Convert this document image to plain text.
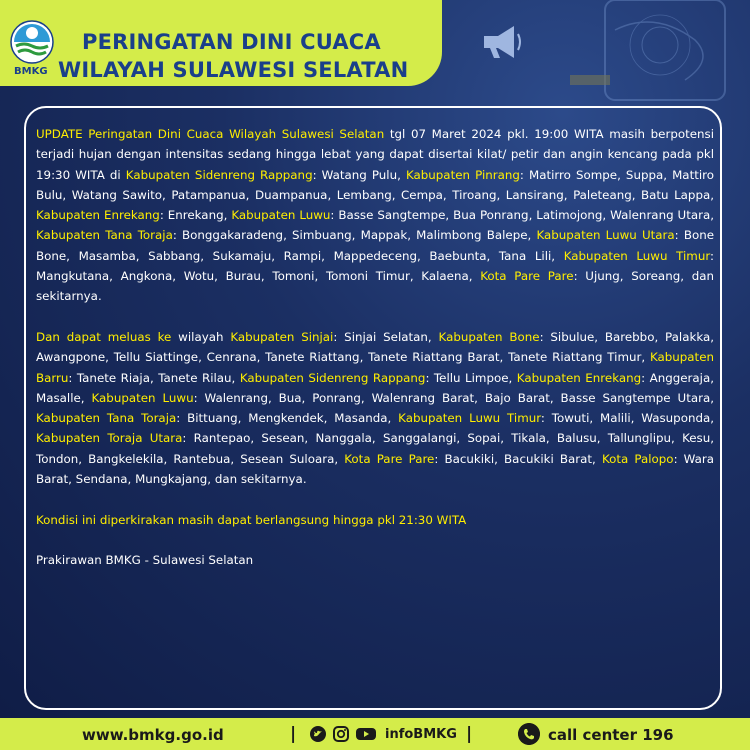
BMKG
PERINGATAN DINI CUACA
WILAYAH SULAWESI SELATAN

UPDATE Peringatan Dini Cuaca Wilayah Sulawesi Selatan tgl 07 Maret 2024 pkl. 19:00 WITA masih berpotensi terjadi hujan dengan intensitas sedang hingga lebat yang dapat disertai kilat/ petir dan angin kencang pada pkl 19:30 WITA di Kabupaten Sidenreng Rappang: Watang Pulu, Kabupaten Pinrang: Matirro Sompe, Suppa, Mattiro Bulu, Watang Sawito, Patampanua, Duampanua, Lembang, Cempa, Tiroang, Lansirang, Paleteang, Batu Lappa, Kabupaten Enrekang: Enrekang, Kabupaten Luwu: Basse Sangtempe, Bua Ponrang, Latimojong, Walenrang Utara, Kabupaten Tana Toraja: Bonggakaradeng, Simbuang, Mappak, Malimbong Balepe, Kabupaten Luwu Utara: Bone Bone, Masamba, Sabbang, Sukamaju, Rampi, Mappedeceng, Baebunta, Tana Lili, Kabupaten Luwu Timur: Mangkutana, Angkona, Wotu, Burau, Tomoni, Tomoni Timur, Kalaena, Kota Pare Pare: Ujung, Soreang, dan sekitarnya.

Dan dapat meluas ke wilayah Kabupaten Sinjai: Sinjai Selatan, Kabupaten Bone: Sibulue, Barebbo, Palakka, Awangpone, Tellu Siattinge, Cenrana, Tanete Riattang, Tanete Riattang Barat, Tanete Riattang Timur, Kabupaten Barru: Tanete Riaja, Tanete Rilau, Kabupaten Sidenreng Rappang: Tellu Limpoe, Kabupaten Enrekang: Anggeraja, Masalle, Kabupaten Luwu: Walenrang, Bua, Ponrang, Walenrang Barat, Bajo Barat, Basse Sangtempe Utara, Kabupaten Tana Toraja: Bittuang, Mengkendek, Masanda, Kabupaten Luwu Timur: Towuti, Malili, Wasuponda, Kabupaten Toraja Utara: Rantepao, Sesean, Nanggala, Sanggalangi, Sopai, Tikala, Balusu, Tallunglipu, Kesu, Tondon, Bangkelekila, Rantebua, Sesean Suloara, Kota Pare Pare: Bacukiki, Bacukiki Barat, Kota Palopo: Wara Barat, Sendana, Mungkajang, dan sekitarnya.

Kondisi ini diperkirakan masih dapat berlangsung hingga pkl 21:30 WITA

Prakirawan BMKG - Sulawesi Selatan

www.bmkg.go.id	|	infoBMKG |	call center 196
